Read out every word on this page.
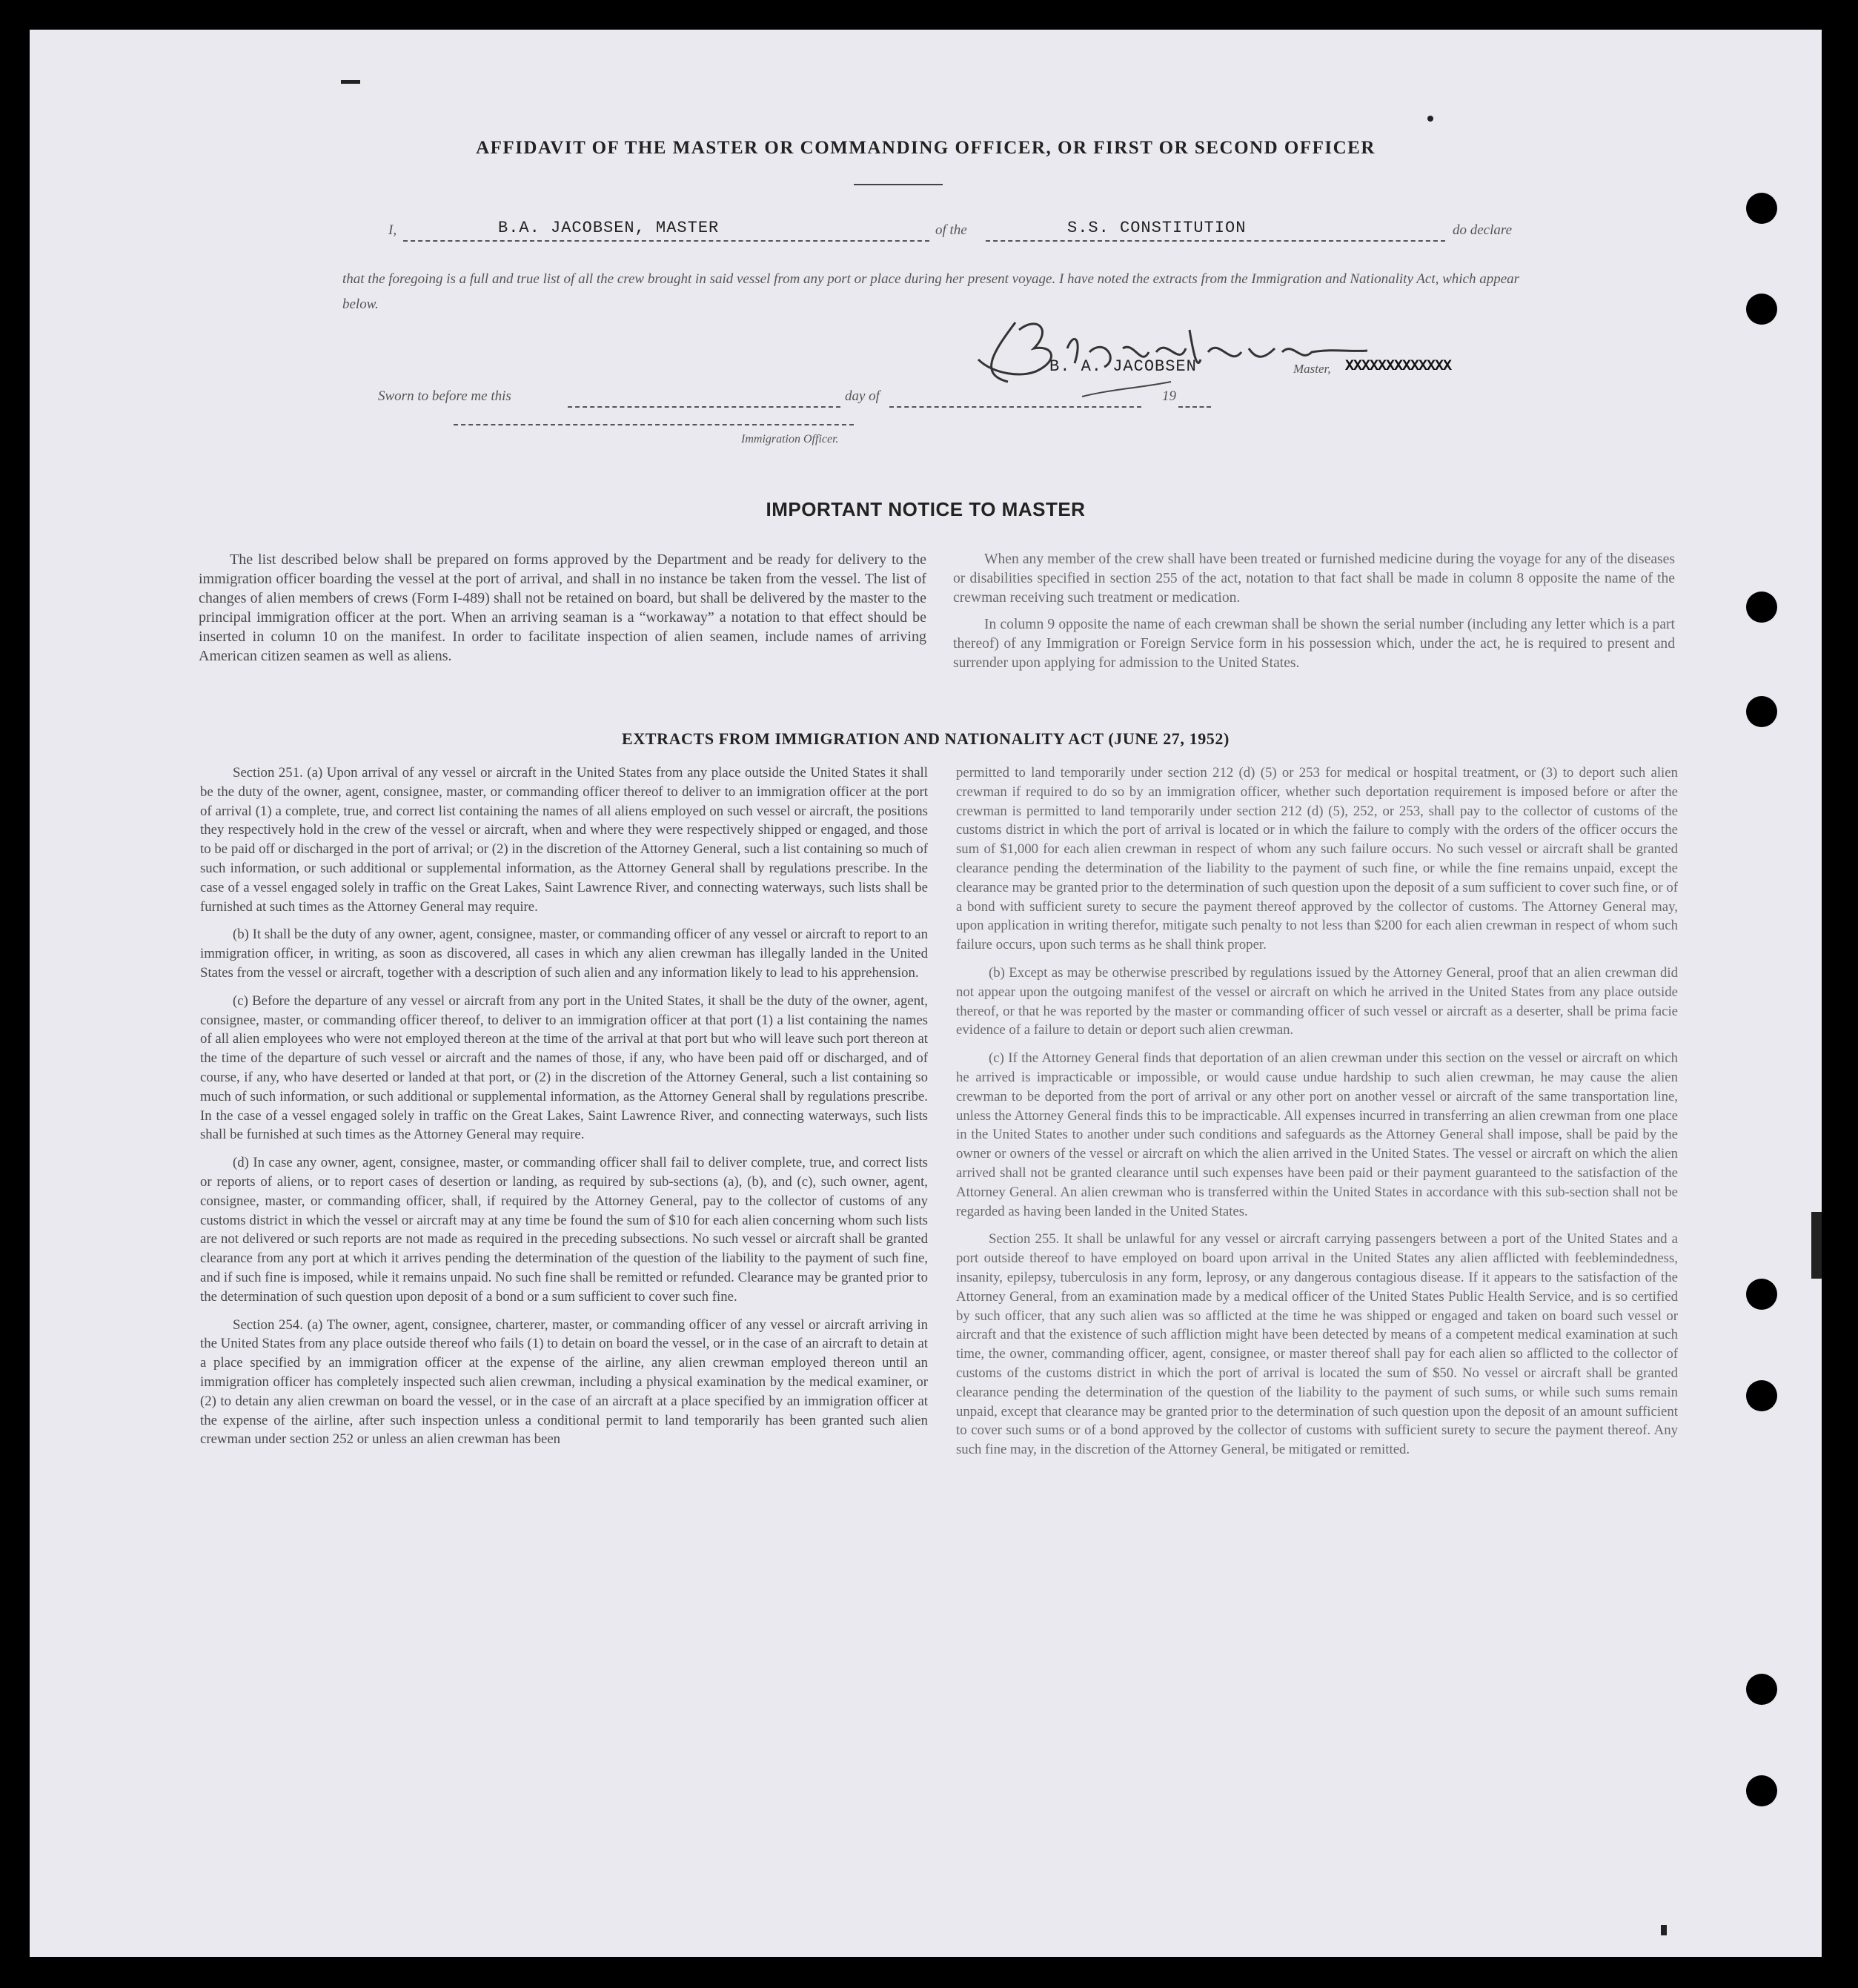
AFFIDAVIT OF THE MASTER OR COMMANDING OFFICER, OR FIRST OR SECOND OFFICER
I,	B.A. JACOBSEN, MASTER	of the	S.S. CONSTITUTION	do declare

that the foregoing is a full and true list of all the crew brought in said vessel from any port or place during her present voyage. I have noted the extracts from the Immigration and Nationality Act, which appear below.

B. A. JACOBSEN	Master, XXXXXXXXXXXXX
Sworn to before me this	day of	19
Immigration Officer.
IMPORTANT NOTICE TO MASTER

The list described below shall be prepared on forms approved by the Department and be ready for delivery to the immigration officer boarding the vessel at the port of arrival, and shall in no instance be taken from the vessel. The list of changes of alien members of crews (Form I-489) shall not be retained on board, but shall be delivered by the master to the principal immigration officer at the port. When an arriving seaman is a “workaway” a notation to that effect should be inserted in column 10 on the manifest. In order to facilitate inspection of alien seamen, include names of arriving American citizen seamen as well as aliens.

When any member of the crew shall have been treated or furnished medicine during the voyage for any of the diseases or disabilities specified in section 255 of the act, notation to that fact shall be made in column 8 opposite the name of the crewman receiving such treatment or medication.

In column 9 opposite the name of each crewman shall be shown the serial number (including any letter which is a part thereof) of any Immigration or Foreign Service form in his possession which, under the act, he is required to present and surrender upon applying for admission to the United States.

EXTRACTS FROM IMMIGRATION AND NATIONALITY ACT (JUNE 27, 1952)

Section 251. (a) Upon arrival of any vessel or aircraft in the United States from any place outside the United States it shall be the duty of the owner, agent, consignee, master, or commanding officer thereof to deliver to an immigration officer at the port of arrival (1) a complete, true, and correct list containing the names of all aliens employed on such vessel or aircraft, the positions they respectively hold in the crew of the vessel or aircraft, when and where they were respectively shipped or engaged, and those to be paid off or discharged in the port of arrival; or (2) in the discretion of the Attorney General, such a list containing so much of such information, or such additional or supplemental information, as the Attorney General shall by regulations prescribe. In the case of a vessel engaged solely in traffic on the Great Lakes, Saint Lawrence River, and connecting waterways, such lists shall be furnished at such times as the Attorney General may require.

(b) It shall be the duty of any owner, agent, consignee, master, or commanding officer of any vessel or aircraft to report to an immigration officer, in writing, as soon as discovered, all cases in which any alien crewman has illegally landed in the United States from the vessel or aircraft, together with a description of such alien and any information likely to lead to his apprehension.

(c) Before the departure of any vessel or aircraft from any port in the United States, it shall be the duty of the owner, agent, consignee, master, or commanding officer thereof, to deliver to an immigration officer at that port (1) a list containing the names of all alien employees who were not employed thereon at the time of the arrival at that port but who will leave such port thereon at the time of the departure of such vessel or aircraft and the names of those, if any, who have been paid off or discharged, and of course, if any, who have deserted or landed at that port, or (2) in the discretion of the Attorney General, such a list containing so much of such information, or such additional or supplemental information, as the Attorney General shall by regulations prescribe. In the case of a vessel engaged solely in traffic on the Great Lakes, Saint Lawrence River, and connecting waterways, such lists shall be furnished at such times as the Attorney General may require.

(d) In case any owner, agent, consignee, master, or commanding officer shall fail to deliver complete, true, and correct lists or reports of aliens, or to report cases of desertion or landing, as required by sub-sections (a), (b), and (c), such owner, agent, consignee, master, or commanding officer, shall, if required by the Attorney General, pay to the collector of customs of any customs district in which the vessel or aircraft may at any time be found the sum of $10 for each alien concerning whom such lists are not delivered or such reports are not made as required in the preceding subsections. No such vessel or aircraft shall be granted clearance from any port at which it arrives pending the determination of the question of the liability to the payment of such fine, and if such fine is imposed, while it remains unpaid. No such fine shall be remitted or refunded. Clearance may be granted prior to the determination of such question upon deposit of a bond or a sum sufficient to cover such fine.

Section 254. (a) The owner, agent, consignee, charterer, master, or commanding officer of any vessel or aircraft arriving in the United States from any place outside thereof who fails (1) to detain on board the vessel, or in the case of an aircraft to detain at a place specified by an immigration officer at the expense of the airline, any alien crewman employed thereon until an immigration officer has completely inspected such alien crewman, including a physical examination by the medical examiner, or (2) to detain any alien crewman on board the vessel, or in the case of an aircraft at a place specified by an immigration officer at the expense of the airline, after such inspection unless a conditional permit to land temporarily has been granted such alien crewman under section 252 or unless an alien crewman has been

permitted to land temporarily under section 212 (d) (5) or 253 for medical or hospital treatment, or (3) to deport such alien crewman if required to do so by an immigration officer, whether such deportation requirement is imposed before or after the crewman is permitted to land temporarily under section 212 (d) (5), 252, or 253, shall pay to the collector of customs of the customs district in which the port of arrival is located or in which the failure to comply with the orders of the officer occurs the sum of $1,000 for each alien crewman in respect of whom any such failure occurs. No such vessel or aircraft shall be granted clearance pending the determination of the liability to the payment of such fine, or while the fine remains unpaid, except the clearance may be granted prior to the determination of such question upon the deposit of a sum sufficient to cover such fine, or of a bond with sufficient surety to secure the payment thereof approved by the collector of customs. The Attorney General may, upon application in writing therefor, mitigate such penalty to not less than $200 for each alien crewman in respect of whom such failure occurs, upon such terms as he shall think proper.

(b) Except as may be otherwise prescribed by regulations issued by the Attorney General, proof that an alien crewman did not appear upon the outgoing manifest of the vessel or aircraft on which he arrived in the United States from any place outside thereof, or that he was reported by the master or commanding officer of such vessel or aircraft as a deserter, shall be prima facie evidence of a failure to detain or deport such alien crewman.

(c) If the Attorney General finds that deportation of an alien crewman under this section on the vessel or aircraft on which he arrived is impracticable or impossible, or would cause undue hardship to such alien crewman, he may cause the alien crewman to be deported from the port of arrival or any other port on another vessel or aircraft of the same transportation line, unless the Attorney General finds this to be impracticable. All expenses incurred in transferring an alien crewman from one place in the United States to another under such conditions and safeguards as the Attorney General shall impose, shall be paid by the owner or owners of the vessel or aircraft on which the alien arrived in the United States. The vessel or aircraft on which the alien arrived shall not be granted clearance until such expenses have been paid or their payment guaranteed to the satisfaction of the Attorney General. An alien crewman who is transferred within the United States in accordance with this sub-section shall not be regarded as having been landed in the United States.

Section 255. It shall be unlawful for any vessel or aircraft carrying passengers between a port of the United States and a port outside thereof to have employed on board upon arrival in the United States any alien afflicted with feeblemindedness, insanity, epilepsy, tuberculosis in any form, leprosy, or any dangerous contagious disease. If it appears to the satisfaction of the Attorney General, from an examination made by a medical officer of the United States Public Health Service, and is so certified by such officer, that any such alien was so afflicted at the time he was shipped or engaged and taken on board such vessel or aircraft and that the existence of such affliction might have been detected by means of a competent medical examination at such time, the owner, commanding officer, agent, consignee, or master thereof shall pay for each alien so afflicted to the collector of customs of the customs district in which the port of arrival is located the sum of $50. No vessel or aircraft shall be granted clearance pending the determination of the question of the liability to the payment of such sums, or while such sums remain unpaid, except that clearance may be granted prior to the determination of such question upon the deposit of an amount sufficient to cover such sums or of a bond approved by the collector of customs with sufficient surety to secure the payment thereof. Any such fine may, in the discretion of the Attorney General, be mitigated or remitted.
